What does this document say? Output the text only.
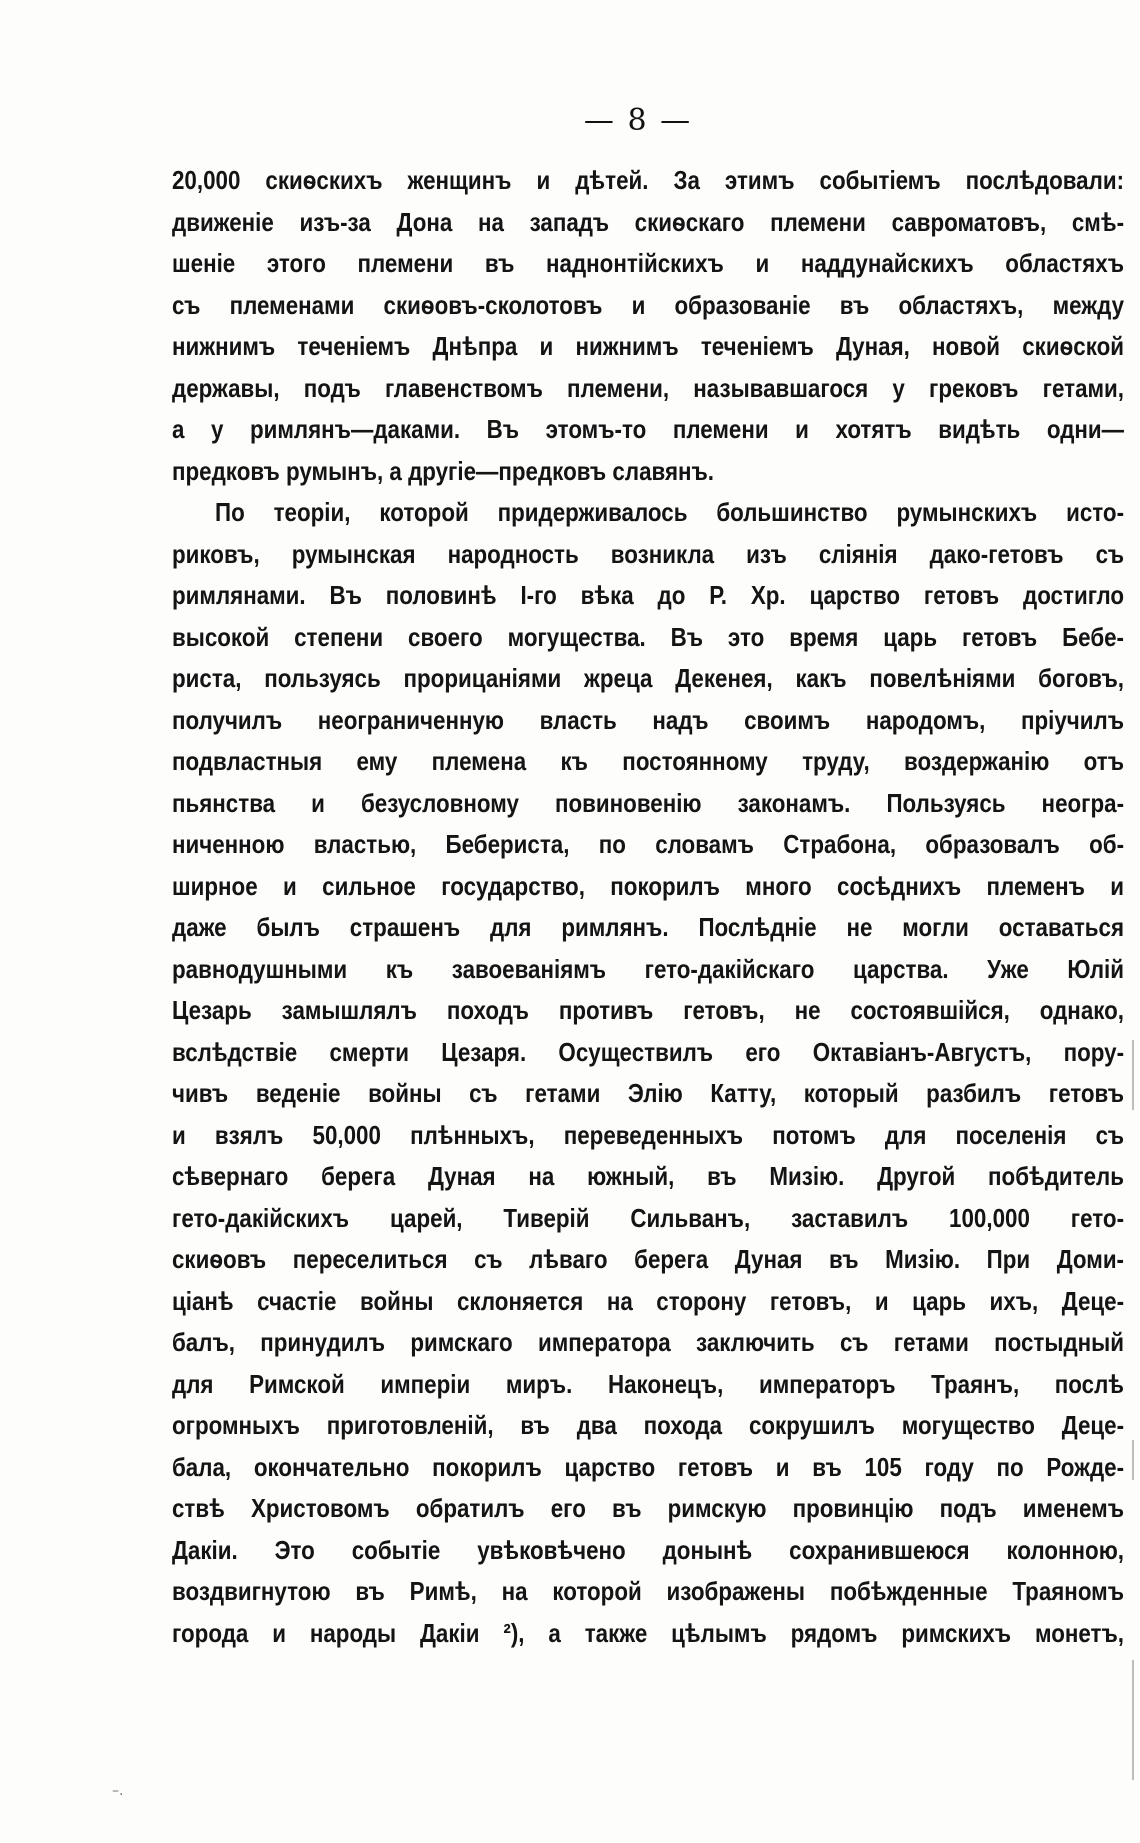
— 8 —
20,000 скиѳскихъ женщинъ и дѣтей. За этимъ событіемъ послѣдовали:
движеніе изъ-за Дона на западъ скиѳскаго племени савроматовъ, смѣ-
шеніе этого племени въ наднонтійскихъ и наддунайскихъ областяхъ
съ племенами скиѳовъ-сколотовъ и образованіе въ областяхъ, между
нижнимъ теченіемъ Днѣпра и нижнимъ теченіемъ Дуная, новой скиѳской
державы, подъ главенствомъ племени, называвшагося у грековъ гетами,
а у римлянъ—даками. Въ этомъ-то племени и хотятъ видѣть одни—
предковъ румынъ, а другіе—предковъ славянъ.
По теоріи, которой придерживалось большинство румынскихъ исто-
риковъ, румынская народность возникла изъ сліянія дако-гетовъ съ
римлянами. Въ половинѣ I-го вѣка до Р. Хр. царство гетовъ достигло
высокой степени своего могущества. Въ это время царь гетовъ Бебе-
риста, пользуясь прорицаніями жреца Декенея, какъ повелѣніями боговъ,
получилъ неограниченную власть надъ своимъ народомъ, пріучилъ
подвластныя ему племена къ постоянному труду, воздержанію отъ
пьянства и безусловному повиновенію законамъ. Пользуясь неогра-
ниченною властью, Бебериста, по словамъ Страбона, образовалъ об-
ширное и сильное государство, покорилъ много сосѣднихъ племенъ и
даже былъ страшенъ для римлянъ. Послѣдніе не могли оставаться
равнодушными къ завоеваніямъ гето-дакійскаго царства. Уже Юлій
Цезарь замышлялъ походъ противъ гетовъ, не состоявшійся, однако,
вслѣдствіе смерти Цезаря. Осуществилъ его Октавіанъ-Августъ, пору-
чивъ веденіе войны съ гетами Элію Катту, который разбилъ гетовъ
и взялъ 50,000 плѣнныхъ, переведенныхъ потомъ для поселенія съ
сѣвернаго берега Дуная на южный, въ Мизію. Другой побѣдитель
гето-дакійскихъ царей, Тиверій Сильванъ, заставилъ 100,000 гето-
скиѳовъ переселиться съ лѣваго берега Дуная въ Мизію. При Доми-
ціанѣ счастіе войны склоняется на сторону гетовъ, и царь ихъ, Деце-
балъ, принудилъ римскаго императора заключить съ гетами постыдный
для Римской имперіи миръ. Наконецъ, императоръ Траянъ, послѣ
огромныхъ приготовленій, въ два похода сокрушилъ могущество Деце-
бала, окончательно покорилъ царство гетовъ и въ 105 году по Рожде-
ствѣ Христовомъ обратилъ его въ римскую провинцію подъ именемъ
Дакіи. Это событіе увѣковѣчено донынѣ сохранившеюся колонною,
воздвигнутою въ Римѣ, на которой изображены побѣжденные Траяномъ
города и народы Дакіи ²), а также цѣлымъ рядомъ римскихъ монетъ,
–.
